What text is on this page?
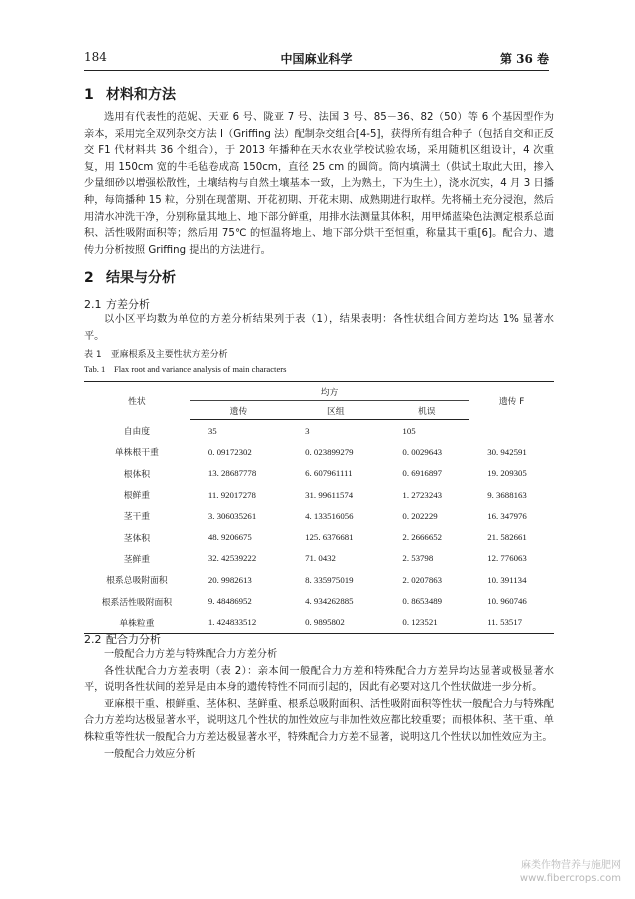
184	中国麻业科学	第 36 卷
1 材料和方法

选用有代表性的范妮、天亚 6 号、陇亚 7 号、法国 3 号、85－36、82（50）等 6 个基因型作为亲本，采用完全双列杂交方法 Ⅰ（Griffing 法）配制杂交组合[4-5]，获得所有组合种子（包括自交和正反交 F1 代材料共 36 个组合），于 2013 年播种在天水农业学校试验农场，采用随机区组设计，4 次重复，用 150cm 宽的牛毛毡卷成高 150cm，直径 25 cm 的圆筒。筒内填满土（供试土取此大田，掺入少量细砂以增强松散性，土壤结构与自然土壤基本一致，上为熟土，下为生土），浇水沉实，4 月 3 日播种，每筒播种 15 粒，分别在现蕾期、开花初期、开花末期、成熟期进行取样。先将桶土充分浸泡，然后用清水冲洗干净，分别称量其地上、地下部分鲜重，用排水法测量其体积，用甲烯蓝染色法测定根系总面积、活性吸附面积等；然后用 75℃ 的恒温将地上、地下部分烘干至恒重，称量其干重[6]。配合力、遗传力分析按照 Griffing 提出的方法进行。

2 结果与分析
2.1 方差分析

以小区平均数为单位的方差分析结果列于表（1），结果表明：各性状组合间方差均达 1% 显著水平。

表 1　亚麻根系及主要性状方差分析

Tab. 1　Flax root and variance analysis of main characters

性状	均方			遗传 F
	遗传	区组	机误	
自由度	35	3	105	
单株根干重	0. 09172302	0. 023899279	0. 0029643	30. 942591
根体积	13. 28687778	6. 607961111	0. 6916897	19. 209305
根鲜重	11. 92017278	31. 99611574	1. 2723243	9. 3688163
茎干重	3. 306035261	4. 133516056	0. 202229	16. 347976
茎体积	48. 9206675	125. 6376681	2. 2666652	21. 582661
茎鲜重	32. 42539222	71. 0432	2. 53798	12. 776063
根系总吸附面积	20. 9982613	8. 335975019	2. 0207863	10. 391134
根系活性吸附面积	9. 48486952	4. 934262885	0. 8653489	10. 960746
单株粒重	1. 424833512	0. 9895802	0. 123521	11. 53517
2.2 配合力分析

一般配合力方差与特殊配合力方差分析

各性状配合力方差表明（表 2）：亲本间一般配合力方差和特殊配合力方差异均达显著或极显著水平，说明各性状间的差异是由本身的遗传特性不同而引起的，因此有必要对这几个性状做进一步分析。

亚麻根干重、根鲜重、茎体积、茎鲜重、根系总吸附面积、活性吸附面积等性状一般配合力与特殊配合力方差均达极显著水平，说明这几个性状的加性效应与非加性效应都比较重要；而根体积、茎干重、单株粒重等性状一般配合力方差达极显著水平，特殊配合力方差不显著，说明这几个性状以加性效应为主。

一般配合力效应分析

麻类作物营养与施肥网
www.fibercrops.com
